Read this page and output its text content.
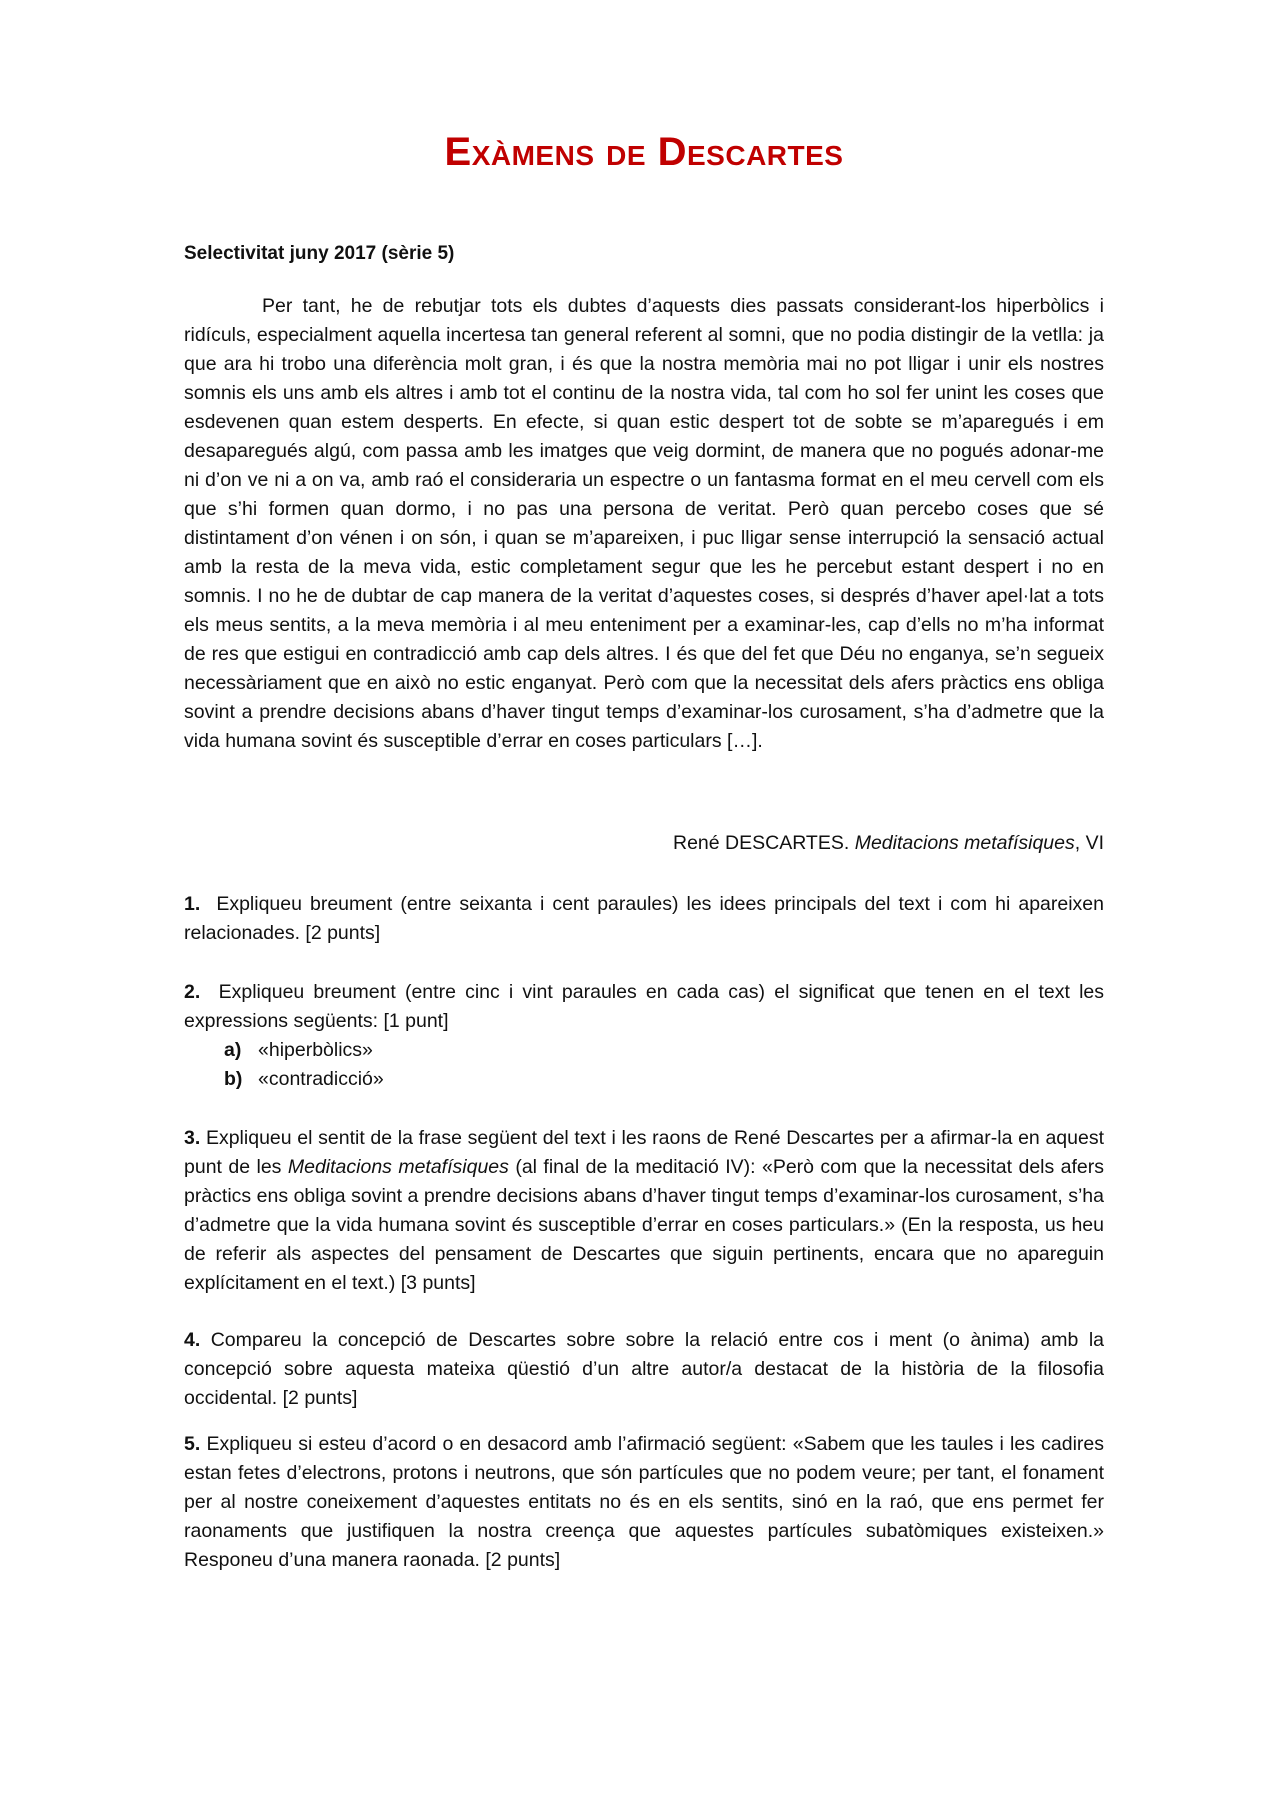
Exàmens de Descartes

Selectivitat juny 2017 (sèrie 5)

Per tant, he de rebutjar tots els dubtes d’aquests dies passats considerant-los hiperbòlics i ridículs, especialment aquella incertesa tan general referent al somni, que no podia distingir de la vetlla: ja que ara hi trobo una diferència molt gran, i és que la nostra memòria mai no pot lligar i unir els nostres somnis els uns amb els altres i amb tot el continu de la nostra vida, tal com ho sol fer unint les coses que esdevenen quan estem desperts. En efecte, si quan estic despert tot de sobte se m’aparegués i em desaparegués algú, com passa amb les imatges que veig dormint, de manera que no pogués adonar-me ni d’on ve ni a on va, amb raó el consideraria un espectre o un fantasma format en el meu cervell com els que s’hi formen quan dormo, i no pas una persona de veritat. Però quan percebo coses que sé distintament d’on vénen i on són, i quan se m’apareixen, i puc lligar sense interrupció la sensació actual amb la resta de la meva vida, estic completament segur que les he percebut estant despert i no en somnis. I no he de dubtar de cap manera de la veritat d’aquestes coses, si després d’haver apel·lat a tots els meus sentits, a la meva memòria i al meu enteniment per a examinar-les, cap d’ells no m’ha informat de res que estigui en contradicció amb cap dels altres. I és que del fet que Déu no enganya, se’n segueix necessàriament que en això no estic enganyat. Però com que la necessitat dels afers pràctics ens obliga sovint a prendre decisions abans d’haver tingut temps d’examinar-los curosament, s’ha d’admetre que la vida humana sovint és susceptible d’errar en coses particulars […].

René DESCARTES. Meditacions metafísiques, VI

1. Expliqueu breument (entre seixanta i cent paraules) les idees principals del text i com hi apareixen relacionades. [2 punts]

2. Expliqueu breument (entre cinc i vint paraules en cada cas) el significat que tenen en el text les expressions següents: [1 punt]

a) «hiperbòlics»
b) «contradicció»

3. Expliqueu el sentit de la frase següent del text i les raons de René Descartes per a afirmar-la en aquest punt de les Meditacions metafísiques (al final de la meditació IV): «Però com que la necessitat dels afers pràctics ens obliga sovint a prendre decisions abans d’haver tingut temps d’examinar-los curosament, s’ha d’admetre que la vida humana sovint és susceptible d’errar en coses particulars.» (En la resposta, us heu de referir als aspectes del pensament de Descartes que siguin pertinents, encara que no apareguin explícitament en el text.) [3 punts]

4. Compareu la concepció de Descartes sobre sobre la relació entre cos i ment (o ànima) amb la concepció sobre aquesta mateixa qüestió d’un altre autor/a destacat de la història de la filosofia occidental. [2 punts]

5. Expliqueu si esteu d’acord o en desacord amb l’afirmació següent: «Sabem que les taules i les cadires estan fetes d’electrons, protons i neutrons, que són partícules que no podem veure; per tant, el fonament per al nostre coneixement d’aquestes entitats no és en els sentits, sinó en la raó, que ens permet fer raonaments que justifiquen la nostra creença que aquestes partícules subatòmiques existeixen.» Responeu d’una manera raonada. [2 punts]
